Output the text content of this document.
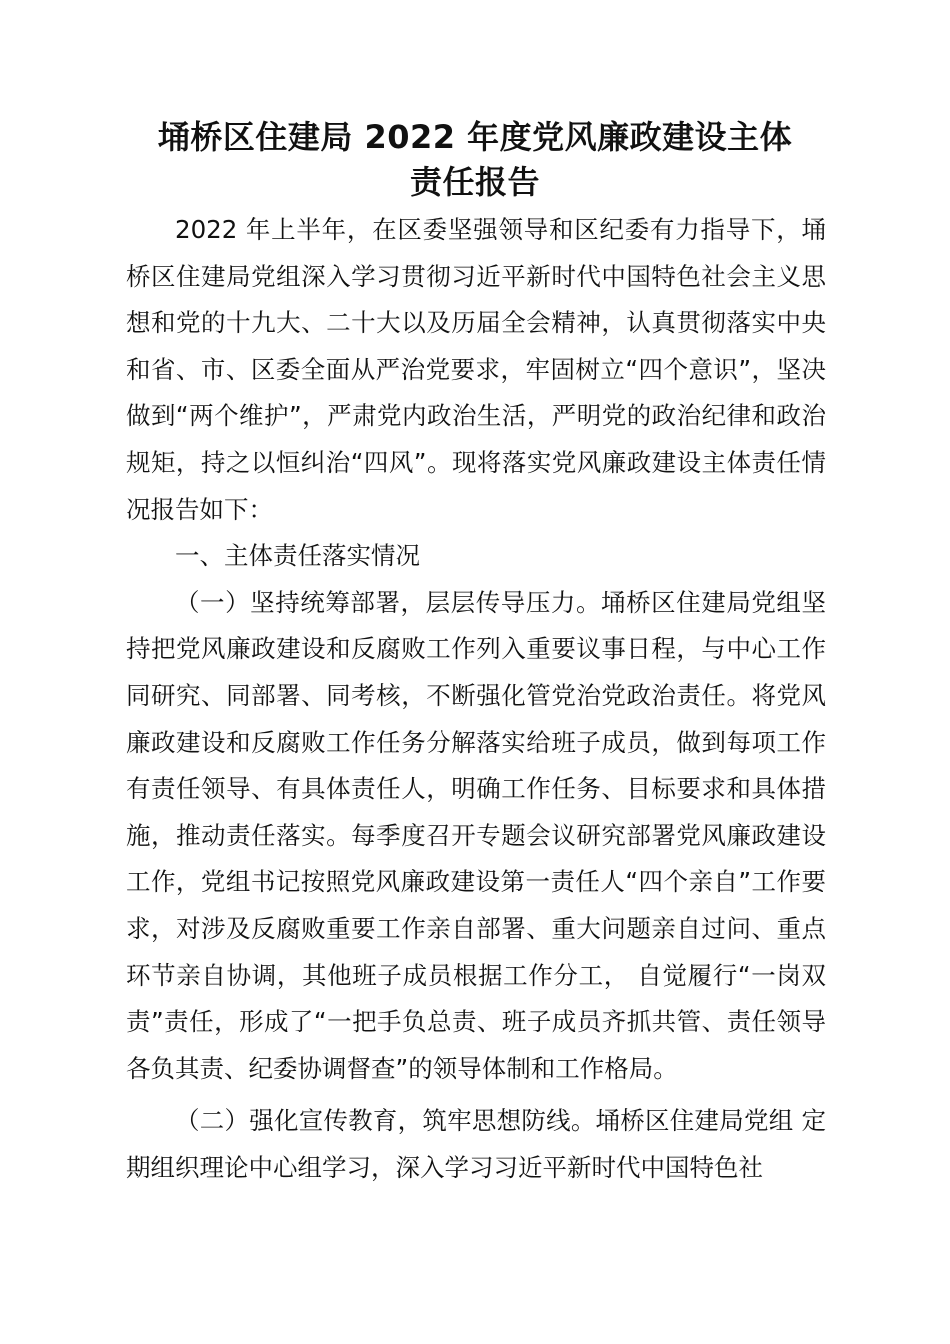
埇桥区住建局 2022 年度党风廉政建设主体
责任报告

2022 年上半年，在区委坚强领导和区纪委有力指导下，埇桥区住建局党组深入学习贯彻习近平新时代中国特色社会主义思想和党的十九大、二十大以及历届全会精神，认真贯彻落实中央和省、市、区委全面从严治党要求，牢固树立“四个意识”，坚决做到“两个维护”，严肃党内政治生活，严明党的政治纪律和政治规矩，持之以恒纠治“四风”。现将落实党风廉政建设主体责任情况报告如下：

一、主体责任落实情况

（一）坚持统筹部署，层层传导压力。埇桥区住建局党组坚持把党风廉政建设和反腐败工作列入重要议事日程，与中心工作同研究、同部署、同考核，不断强化管党治党政治责任。将党风廉政建设和反腐败工作任务分解落实给班子成员，做到每项工作有责任领导、有具体责任人，明确工作任务、目标要求和具体措施，推动责任落实。每季度召开专题会议研究部署党风廉政建设工作，党组书记按照党风廉政建设第一责任人“四个亲自”工作要求，对涉及反腐败重要工作亲自部署、重大问题亲自过问、重点环节亲自协调，其他班子成员根据工作分工， 自觉履行“一岗双责”责任，形成了“一把手负总责、班子成员齐抓共管、责任领导各负其责、纪委协调督查”的领导体制和工作格局。

（二）强化宣传教育，筑牢思想防线。埇桥区住建局党组 定期组织理论中心组学习，深入学习习近平新时代中国特色社
